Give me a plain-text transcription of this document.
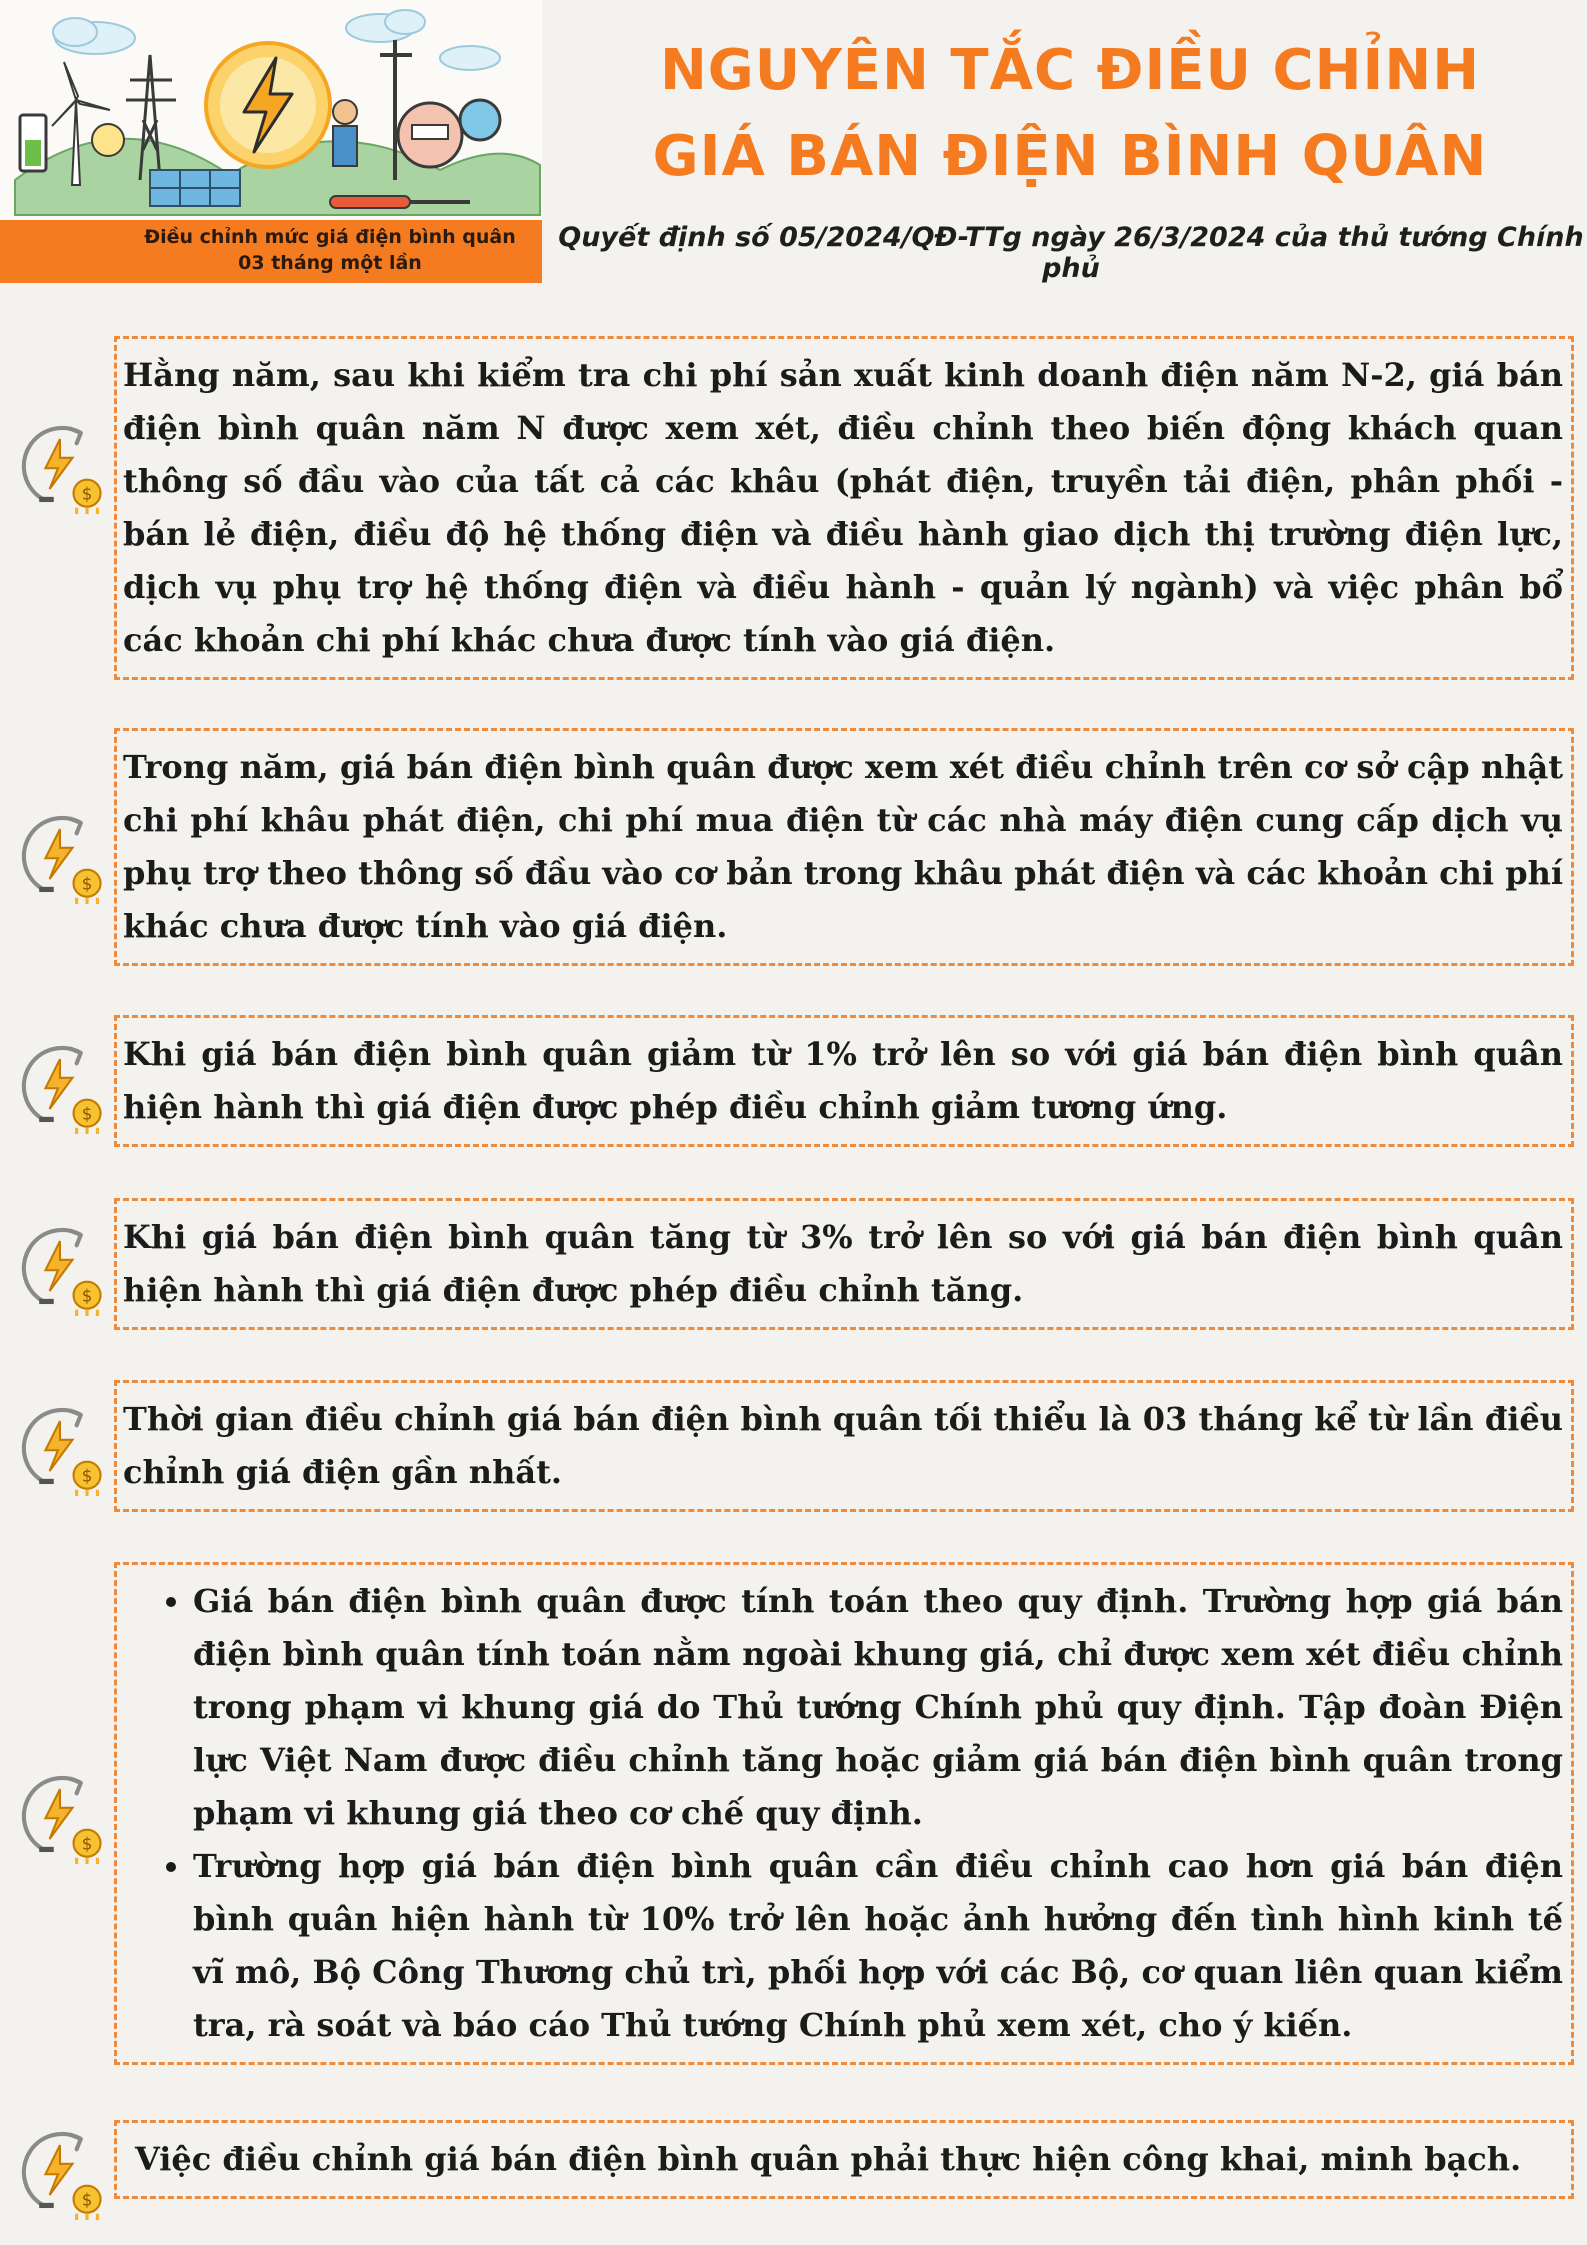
Điều chỉnh mức giá điện bình quân
03 tháng một lần
NGUYÊN TẮC ĐIỀU CHỈNH
GIÁ BÁN ĐIỆN BÌNH QUÂN
Quyết định số 05/2024/QĐ-TTg ngày 26/3/2024 của thủ tướng Chính phủ
Hằng năm, sau khi kiểm tra chi phí sản xuất kinh doanh điện năm N-2, giá bán điện bình quân năm N được xem xét, điều chỉnh theo biến động khách quan thông số đầu vào của tất cả các khâu (phát điện, truyền tải điện, phân phối - bán lẻ điện, điều độ hệ thống điện và điều hành giao dịch thị trường điện lực, dịch vụ phụ trợ hệ thống điện và điều hành - quản lý ngành) và việc phân bổ các khoản chi phí khác chưa được tính vào giá điện.
Trong năm, giá bán điện bình quân được xem xét điều chỉnh trên cơ sở cập nhật chi phí khâu phát điện, chi phí mua điện từ các nhà máy điện cung cấp dịch vụ phụ trợ theo thông số đầu vào cơ bản trong khâu phát điện và các khoản chi phí khác chưa được tính vào giá điện.
Khi giá bán điện bình quân giảm từ 1% trở lên so với giá bán điện bình quân hiện hành thì giá điện được phép điều chỉnh giảm tương ứng.
Khi giá bán điện bình quân tăng từ 3% trở lên so với giá bán điện bình quân hiện hành thì giá điện được phép điều chỉnh tăng.
Thời gian điều chỉnh giá bán điện bình quân tối thiểu là 03 tháng kể từ lần điều chỉnh giá điện gần nhất.
• Giá bán điện bình quân được tính toán theo quy định. Trường hợp giá bán điện bình quân tính toán nằm ngoài khung giá, chỉ được xem xét điều chỉnh trong phạm vi khung giá do Thủ tướng Chính phủ quy định. Tập đoàn Điện lực Việt Nam được điều chỉnh tăng hoặc giảm giá bán điện bình quân trong phạm vi khung giá theo cơ chế quy định.
• Trường hợp giá bán điện bình quân cần điều chỉnh cao hơn giá bán điện bình quân hiện hành từ 10% trở lên hoặc ảnh hưởng đến tình hình kinh tế vĩ mô, Bộ Công Thương chủ trì, phối hợp với các Bộ, cơ quan liên quan kiểm tra, rà soát và báo cáo Thủ tướng Chính phủ xem xét, cho ý kiến.
Việc điều chỉnh giá bán điện bình quân phải thực hiện công khai, minh bạch.
$
$
$
$
$
$
$
